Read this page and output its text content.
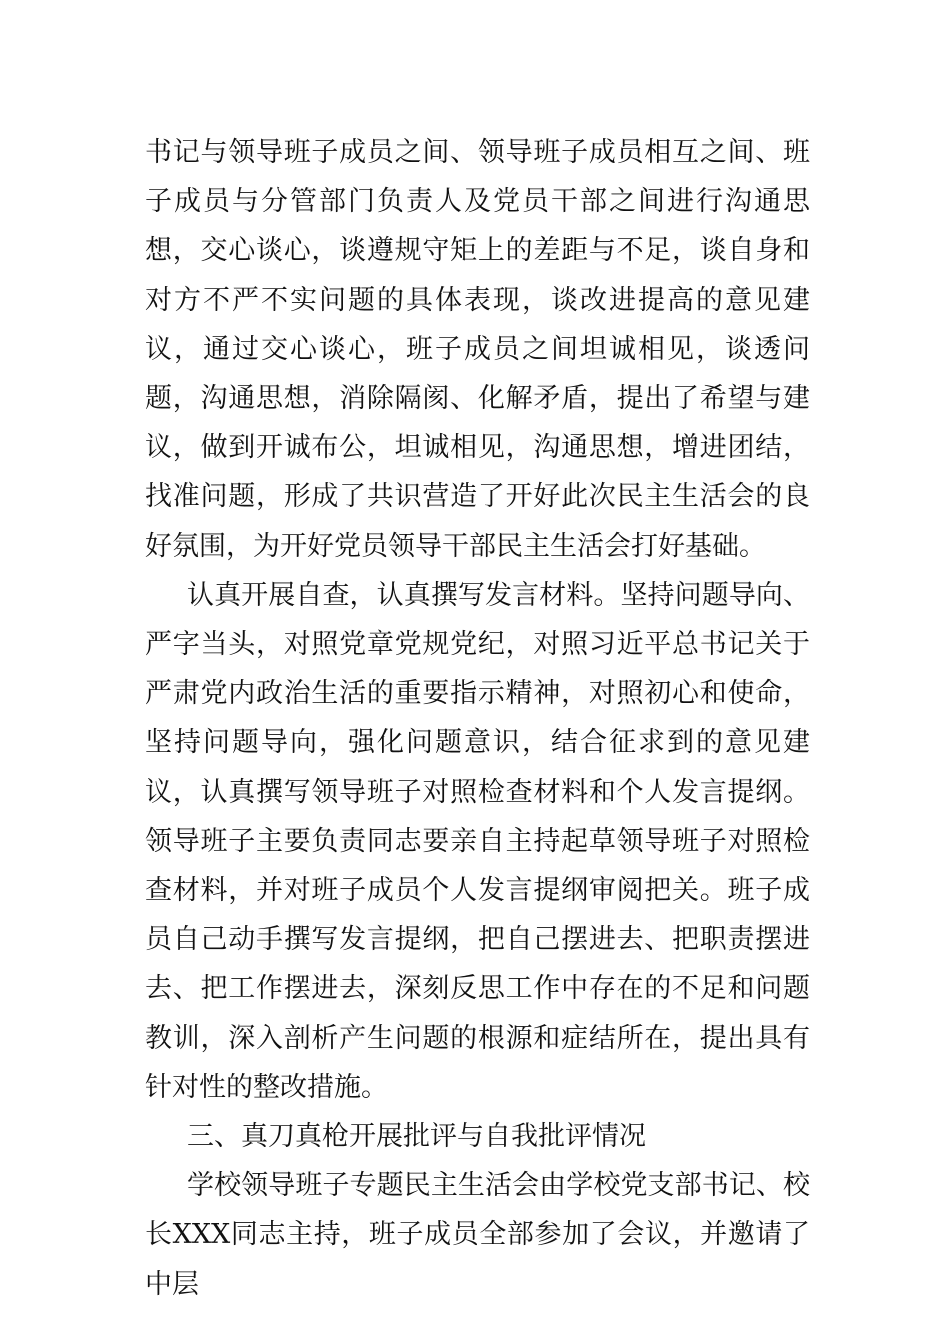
书记与领导班子成员之间、领导班子成员相互之间、班子成员与分管部门负责人及党员干部之间进行沟通思想，交心谈心，谈遵规守矩上的差距与不足，谈自身和对方不严不实问题的具体表现，谈改进提高的意见建议，通过交心谈心，班子成员之间坦诚相见，谈透问题，沟通思想，消除隔阂、化解矛盾，提出了希望与建议，做到开诚布公，坦诚相见，沟通思想，增进团结，找准问题，形成了共识营造了开好此次民主生活会的良好氛围，为开好党员领导干部民主生活会打好基础。

认真开展自查，认真撰写发言材料。坚持问题导向、严字当头，对照党章党规党纪，对照习近平总书记关于严肃党内政治生活的重要指示精神，对照初心和使命，坚持问题导向，强化问题意识，结合征求到的意见建议，认真撰写领导班子对照检查材料和个人发言提纲。领导班子主要负责同志要亲自主持起草领导班子对照检查材料，并对班子成员个人发言提纲审阅把关。班子成员自己动手撰写发言提纲，把自己摆进去、把职责摆进去、把工作摆进去，深刻反思工作中存在的不足和问题教训，深入剖析产生问题的根源和症结所在，提出具有针对性的整改措施。

三、真刀真枪开展批评与自我批评情况

学校领导班子专题民主生活会由学校党支部书记、校长XXX同志主持，班子成员全部参加了会议，并邀请了中层
